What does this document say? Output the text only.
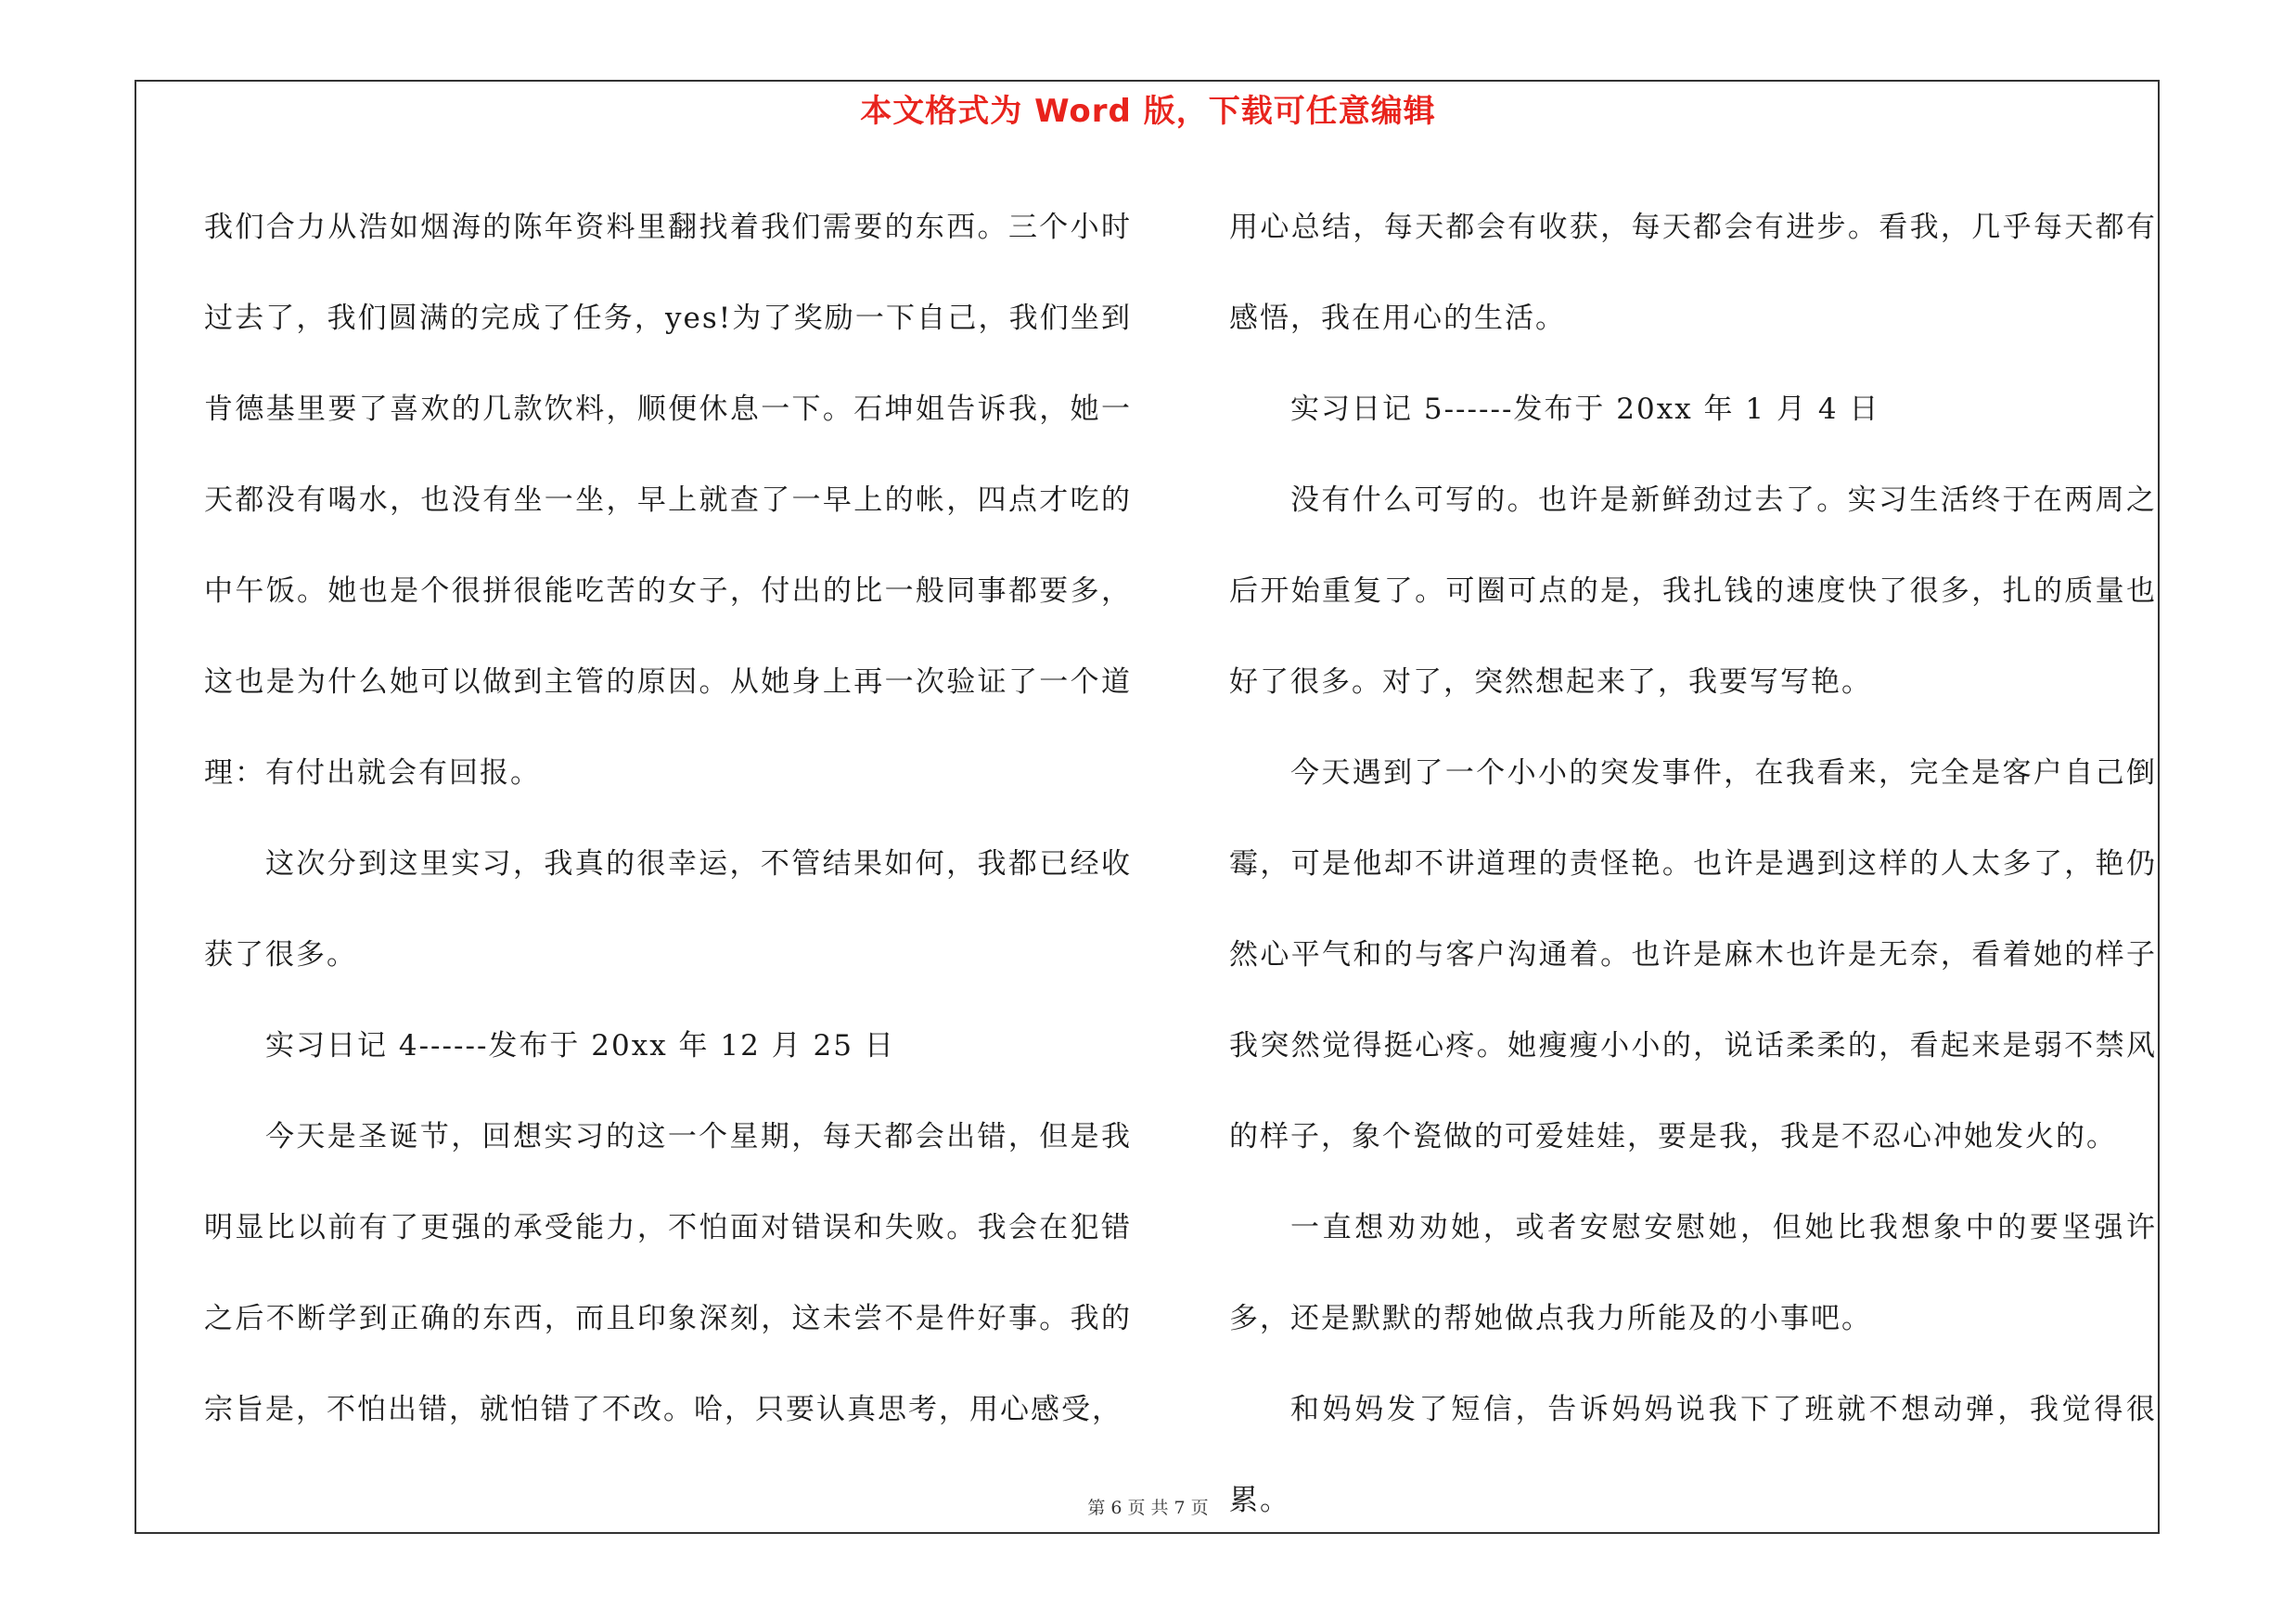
本文格式为 Word 版，下载可任意编辑

我们合力从浩如烟海的陈年资料里翻找着我们需要的东西。三个小时过去了，我们圆满的完成了任务，yes!为了奖励一下自己，我们坐到肯德基里要了喜欢的几款饮料，顺便休息一下。石坤姐告诉我，她一天都没有喝水，也没有坐一坐，早上就查了一早上的帐，四点才吃的中午饭。她也是个很拼很能吃苦的女子，付出的比一般同事都要多，这也是为什么她可以做到主管的原因。从她身上再一次验证了一个道理：有付出就会有回报。

这次分到这里实习，我真的很幸运，不管结果如何，我都已经收获了很多。

实习日记 4------发布于 20xx 年 12 月 25 日

今天是圣诞节，回想实习的这一个星期，每天都会出错，但是我明显比以前有了更强的承受能力，不怕面对错误和失败。我会在犯错之后不断学到正确的东西，而且印象深刻，这未尝不是件好事。我的宗旨是，不怕出错，就怕错了不改。哈，只要认真思考，用心感受，

用心总结，每天都会有收获，每天都会有进步。看我，几乎每天都有感悟，我在用心的生活。

实习日记 5------发布于 20xx 年 1 月 4 日

没有什么可写的。也许是新鲜劲过去了。实习生活终于在两周之后开始重复了。可圈可点的是，我扎钱的速度快了很多，扎的质量也好了很多。对了，突然想起来了，我要写写艳。

今天遇到了一个小小的突发事件，在我看来，完全是客户自己倒霉，可是他却不讲道理的责怪艳。也许是遇到这样的人太多了，艳仍然心平气和的与客户沟通着。也许是麻木也许是无奈，看着她的样子我突然觉得挺心疼。她瘦瘦小小的，说话柔柔的，看起来是弱不禁风的样子，象个瓷做的可爱娃娃，要是我，我是不忍心冲她发火的。

一直想劝劝她，或者安慰安慰她，但她比我想象中的要坚强许多，还是默默的帮她做点我力所能及的小事吧。

和妈妈发了短信，告诉妈妈说我下了班就不想动弹，我觉得很累。

第 6 页 共 7 页
